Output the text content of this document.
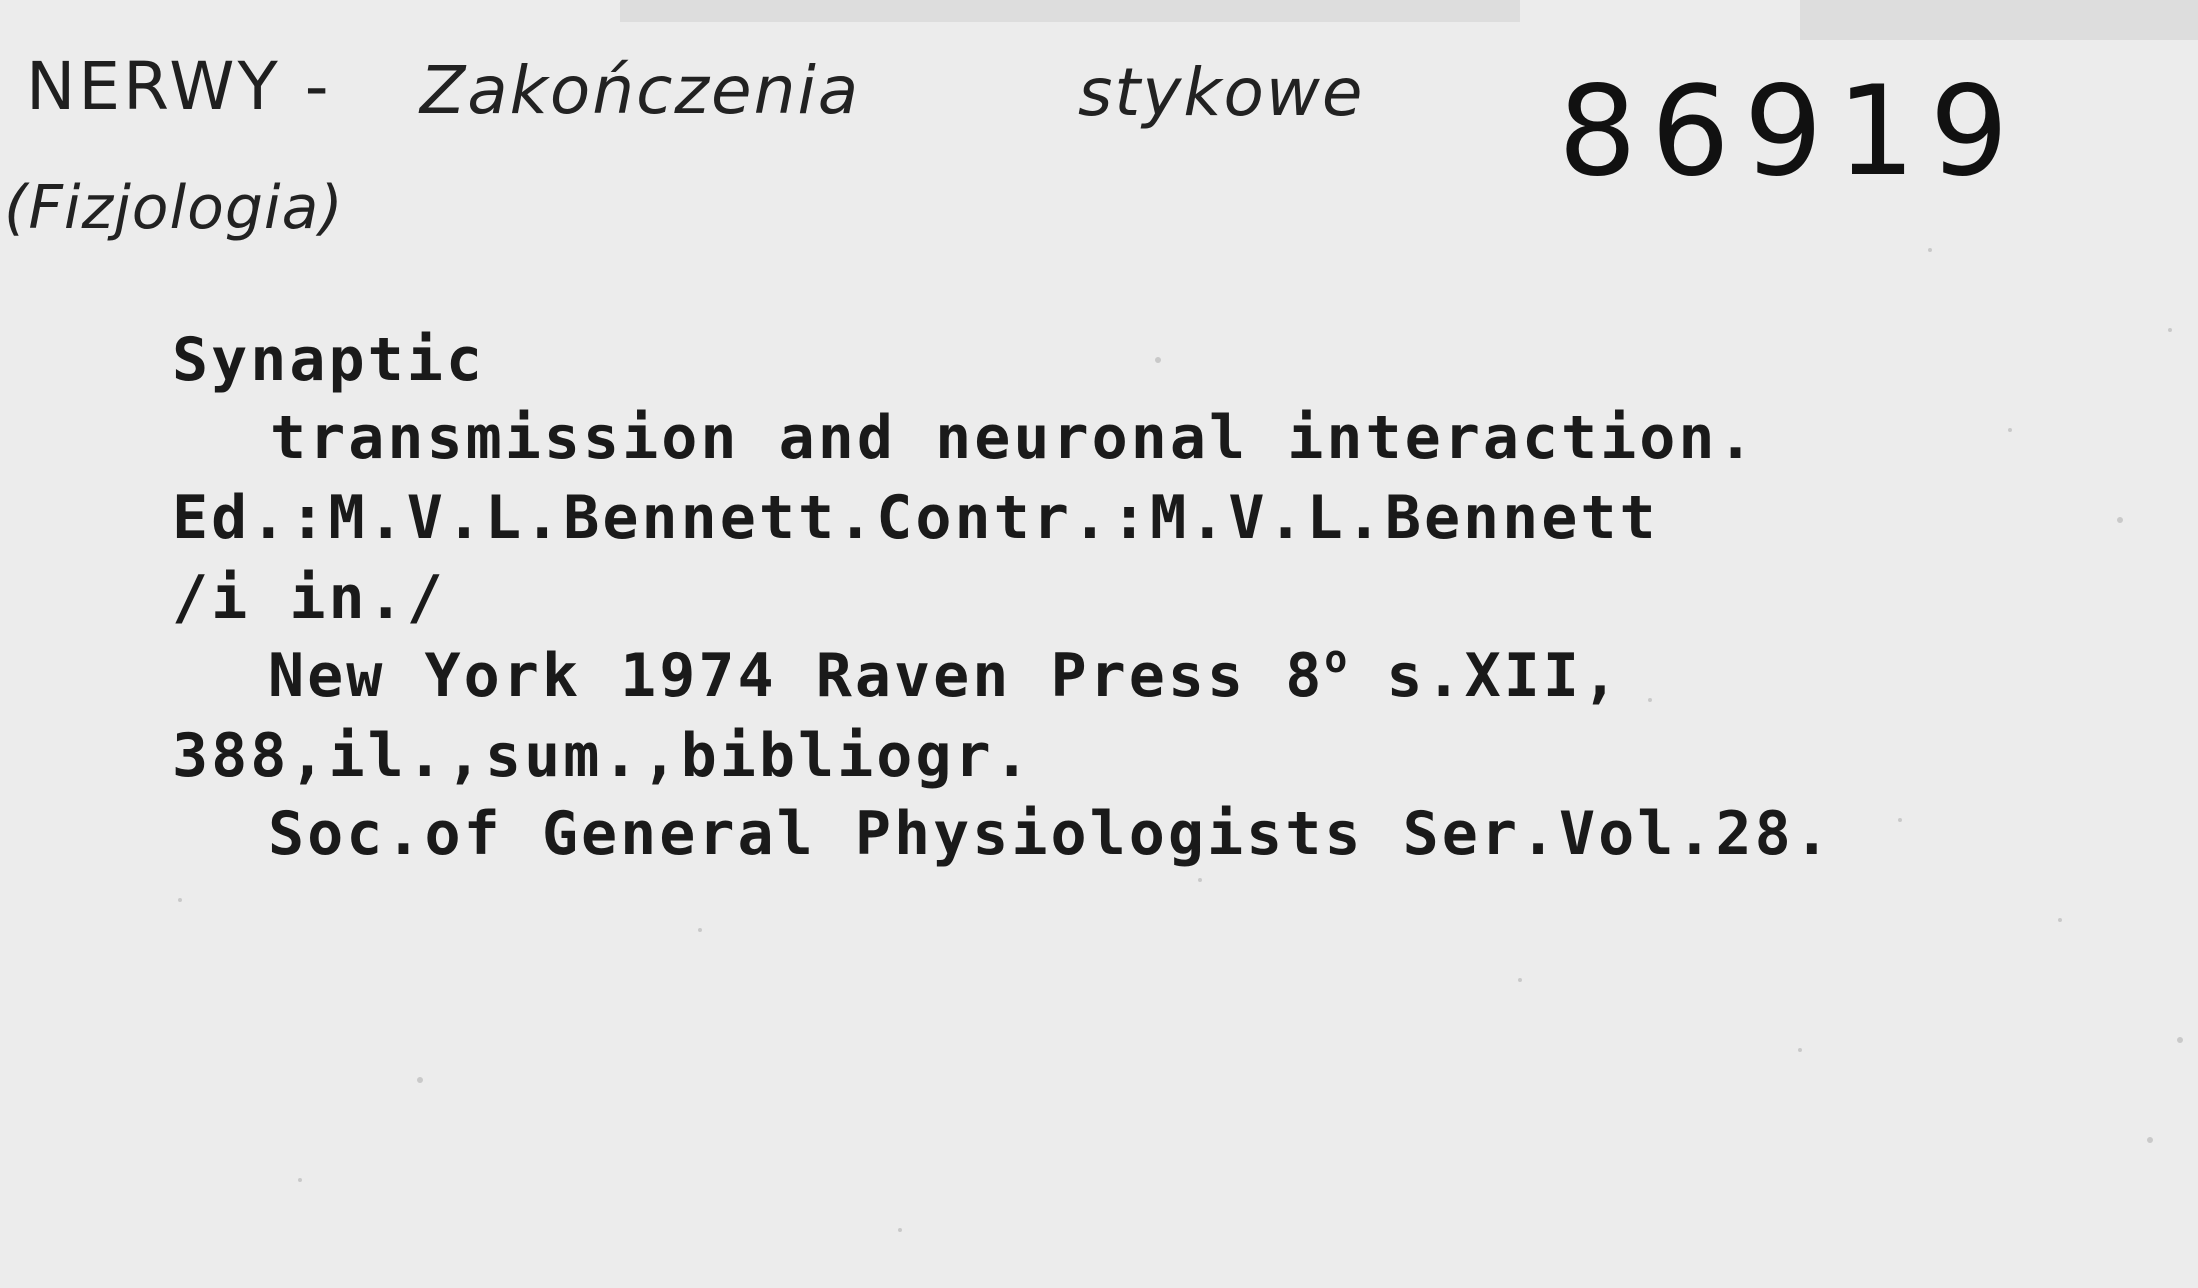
NERWY - Zakończenia	stykowe
(Fizjologia)
86919
Synaptic
transmission and neuronal interaction.
Ed.:M.V.L.Bennett.Contr.:M.V.L.Bennett
/i in./
New York 1974 Raven Press 8$^o$ s.XII,
388,il.,sum.,bibliogr.
Soc.of General Physiologists Ser.Vol.28.
